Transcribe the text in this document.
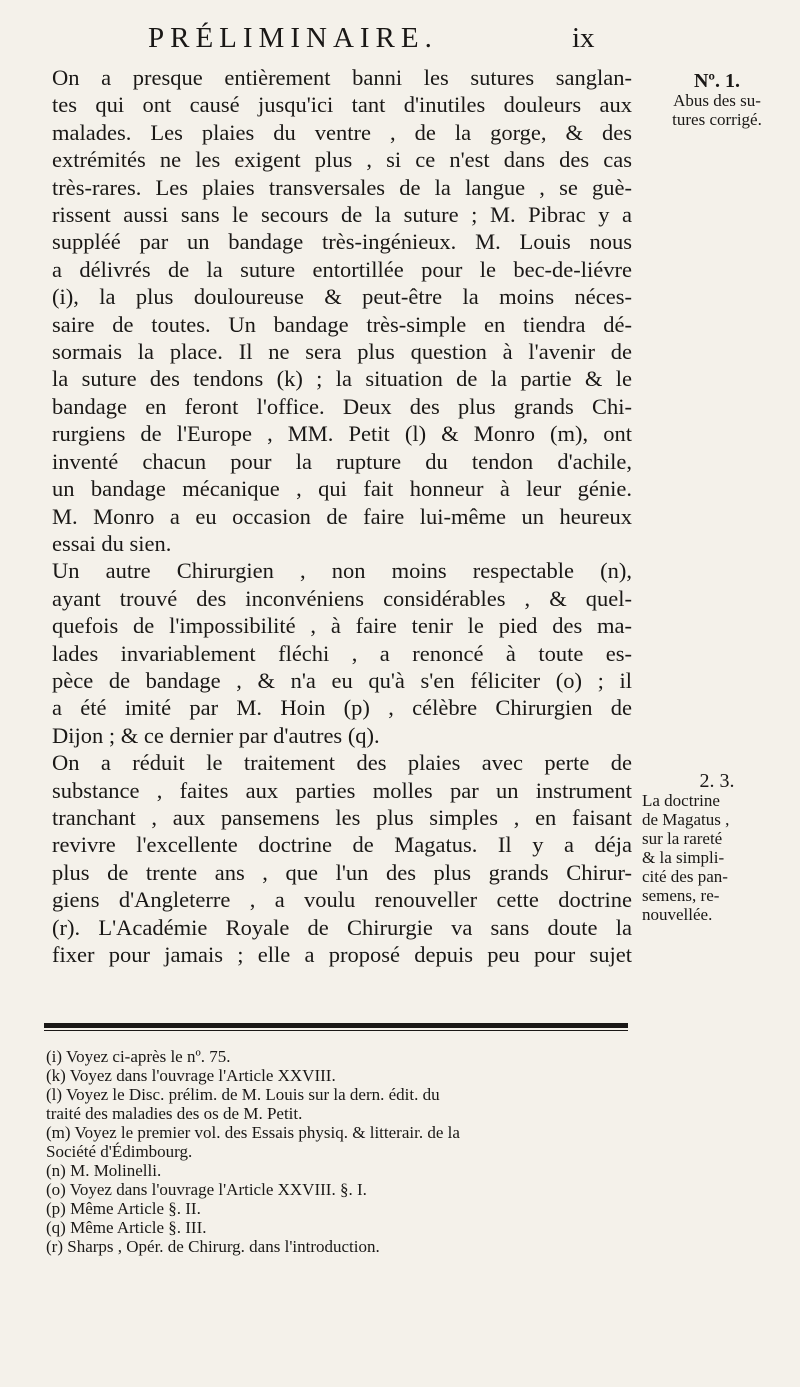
PRÉLIMINAIRE.	ix
On a presque entièrement banni les sutures sanglan-
tes qui ont causé jusqu'ici tant d'inutiles douleurs aux
malades. Les plaies du ventre , de la gorge, & des
extrémités ne les exigent plus , si ce n'est dans des cas
très-rares. Les plaies transversales de la langue , se guè-
rissent aussi sans le secours de la suture ; M. Pibrac y a
suppléé par un bandage très-ingénieux. M. Louis nous
a délivrés de la suture entortillée pour le bec-de-liévre
(i), la plus douloureuse & peut-être la moins néces-
saire de toutes. Un bandage très-simple en tiendra dé-
sormais la place. Il ne sera plus question à l'avenir de
la suture des tendons (k) ; la situation de la partie & le
bandage en feront l'office. Deux des plus grands Chi-
rurgiens de l'Europe , MM. Petit (l) & Monro (m), ont
inventé chacun pour la rupture du tendon d'achile,
un bandage mécanique , qui fait honneur à leur génie.
M. Monro a eu occasion de faire lui-même un heureux
essai du sien.
Un autre Chirurgien , non moins respectable (n),
ayant trouvé des inconvéniens considérables , & quel-
quefois de l'impossibilité , à faire tenir le pied des ma-
lades invariablement fléchi , a renoncé à toute es-
pèce de bandage , & n'a eu qu'à s'en féliciter (o) ; il
a été imité par M. Hoin (p) , célèbre Chirurgien de
Dijon ; & ce dernier par d'autres (q).
On a réduit le traitement des plaies avec perte de
substance , faites aux parties molles par un instrument
tranchant , aux pansemens les plus simples , en faisant
revivre l'excellente doctrine de Magatus. Il y a déja
plus de trente ans , que l'un des plus grands Chirur-
giens d'Angleterre , a voulu renouveller cette doctrine
(r). L'Académie Royale de Chirurgie va sans doute la
fixer pour jamais ; elle a proposé depuis peu pour sujet
Nº. 1.
Abus des su-
tures corrigé.
2. 3.
La doctrine
de Magatus ,
sur la rareté
& la simpli-
cité des pan-
semens, re-
nouvellée.
(i) Voyez ci-après le nº. 75.
(k) Voyez dans l'ouvrage l'Article XXVIII.
(l) Voyez le Disc. prélim. de M. Louis sur la dern. édit. du
traité des maladies des os de M. Petit.
(m) Voyez le premier vol. des Essais physiq. & litterair. de la
Société d'Édimbourg.
(n) M. Molinelli.
(o) Voyez dans l'ouvrage l'Article XXVIII. §. I.
(p) Même Article §. II.
(q) Même Article §. III.
(r) Sharps , Opér. de Chirurg. dans l'introduction.
